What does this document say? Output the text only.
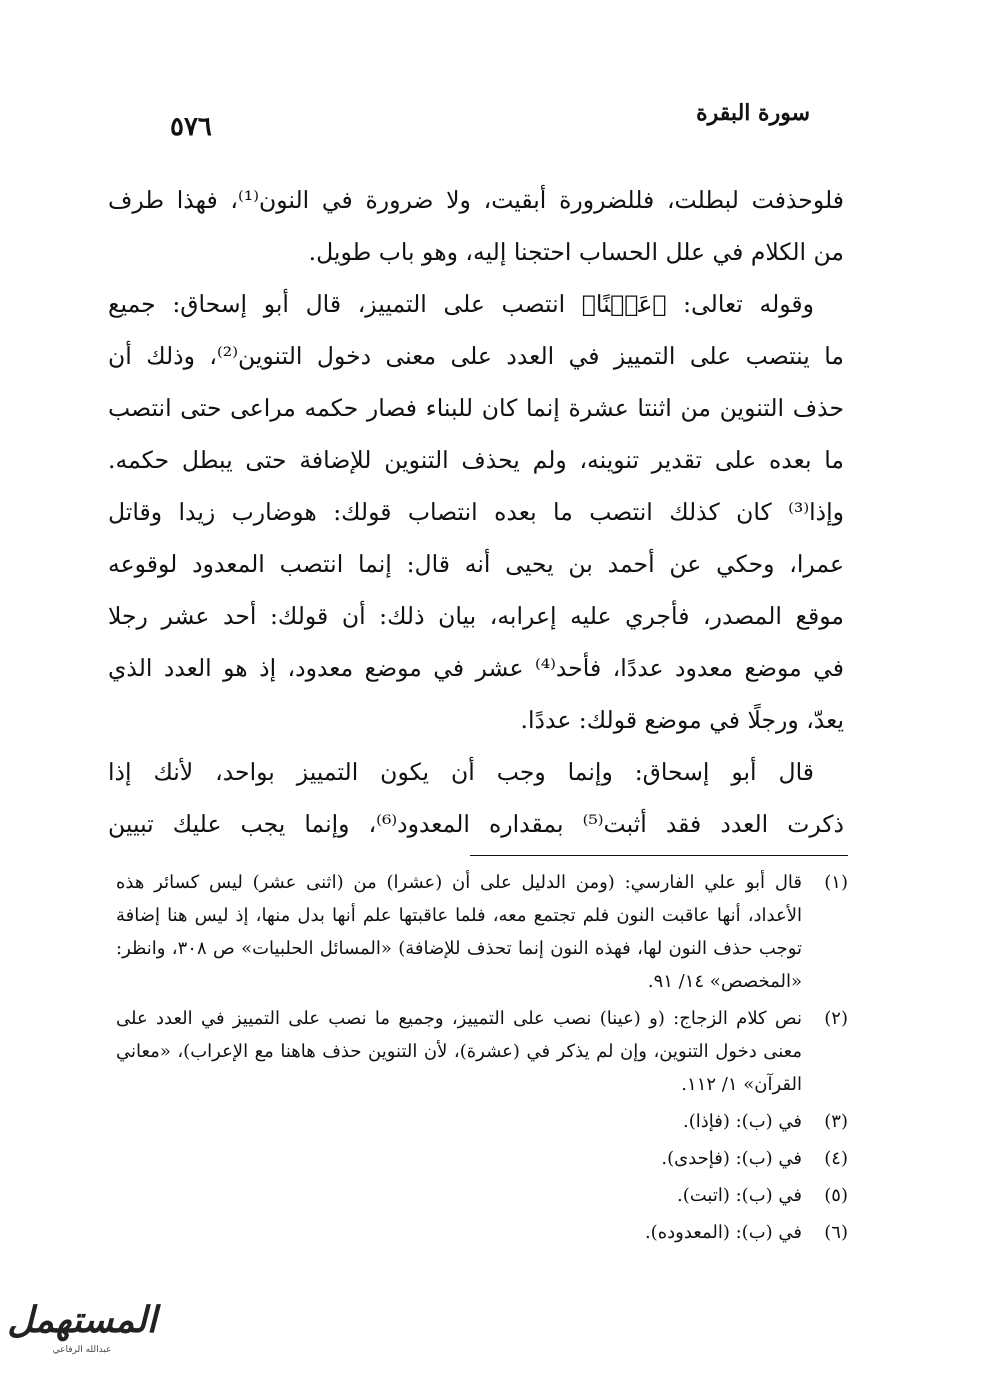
سورة البقرة
٥٧٦

فلوحذفت لبطلت، فللضرورة أبقيت، ولا ضرورة في النون⁽¹⁾، فهذا طرف
من الكلام في علل الحساب احتجنا إليه، وهو باب طويل.

وقوله تعالى: ﴿عَيۡنًا﴾ انتصب على التمييز، قال أبو إسحاق: جميع
ما ينتصب على التمييز في العدد على معنى دخول التنوين⁽²⁾، وذلك أن
حذف التنوين من اثنتا عشرة إنما كان للبناء فصار حكمه مراعى حتى انتصب
ما بعده على تقدير تنوينه، ولم يحذف التنوين للإضافة حتى يبطل حكمه.
وإذا⁽³⁾ كان كذلك انتصب ما بعده انتصاب قولك: هوضارب زيدا وقاتل
عمرا، وحكي عن أحمد بن يحيى أنه قال: إنما انتصب المعدود لوقوعه
موقع المصدر، فأجري عليه إعرابه، بيان ذلك: أن قولك: أحد عشر رجلا
في موضع معدود عددًا، فأحد⁽⁴⁾ عشر في موضع معدود، إذ هو العدد الذي
يعدّ، ورجلًا في موضع قولك: عددًا.

قال أبو إسحاق: وإنما وجب أن يكون التمييز بواحد، لأنك إذا
ذكرت العدد فقد أثبت⁽⁵⁾ بمقداره المعدود⁽⁶⁾، وإنما يجب عليك تبيين

(١)
قال أبو علي الفارسي: (ومن الدليل على أن (عشرا) من (اثنى عشر) ليس كسائر هذه الأعداد، أنها عاقبت النون فلم تجتمع معه، فلما عاقبتها علم أنها بدل منها، إذ ليس هنا إضافة توجب حذف النون لها، فهذه النون إنما تحذف للإضافة) «المسائل الحلبيات» ص ٣٠٨، وانظر: «المخصص» ١٤/ ٩١.
(٢)
نص كلام الزجاج: (و (عينا) نصب على التمييز، وجميع ما نصب على التمييز في العدد على معنى دخول التنوين، وإن لم يذكر في (عشرة)، لأن التنوين حذف هاهنا مع الإعراب)، «معاني القرآن» ١/ ١١٢.
(٣)
في (ب): (فإذا).
(٤)
في (ب): (فإحدى).
(٥)
في (ب): (اتبت).
(٦)
في (ب): (المعدوده).
المستهمل
عبدالله الرفاعي
